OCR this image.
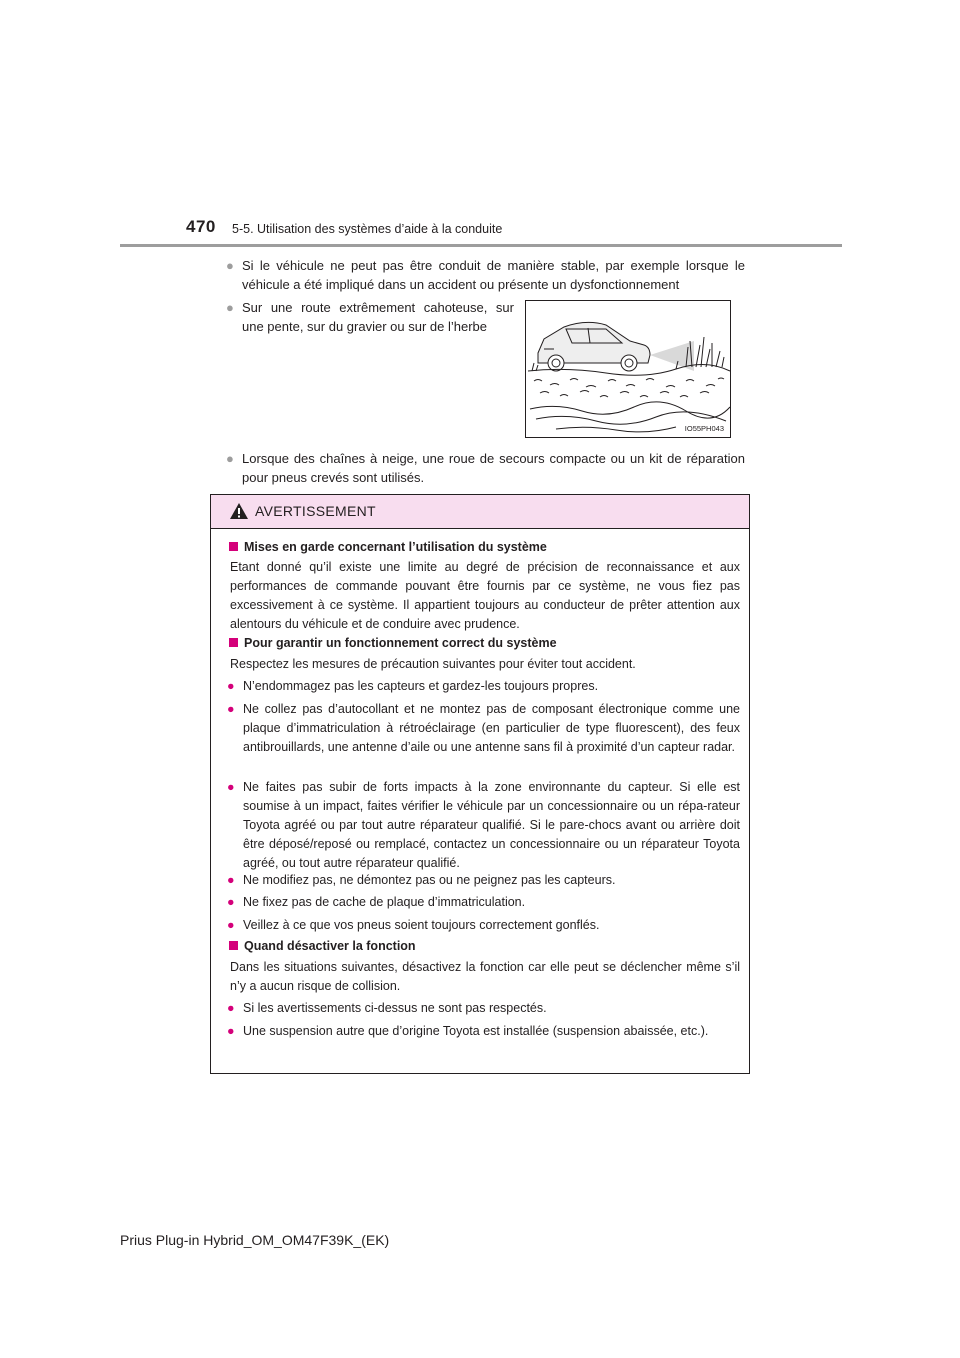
470 5-5. Utilisation des systèmes d’aide à la conduite
● Si le véhicule ne peut pas être conduit de manière stable, par exemple lorsque le véhicule a été impliqué dans un accident ou présente un dysfonctionnement
● Sur une route extrêmement cahoteuse, sur une pente, sur du gravier ou sur de l’herbe
IO55PH043
● Lorsque des chaînes à neige, une roue de secours compacte ou un kit de réparation pour pneus crevés sont utilisés.
AVERTISSEMENT
Mises en garde concernant l’utilisation du système
Etant donné qu’il existe une limite au degré de précision de reconnaissance et aux performances de commande pouvant être fournis par ce système, ne vous fiez pas excessivement à ce système. Il appartient toujours au conducteur de prêter attention aux alentours du véhicule et de conduire avec prudence.
Pour garantir un fonctionnement correct du système
Respectez les mesures de précaution suivantes pour éviter tout accident.
● N’endommagez pas les capteurs et gardez-les toujours propres.
● Ne collez pas d’autocollant et ne montez pas de composant électronique comme une plaque d’immatriculation à rétroéclairage (en particulier de type fluorescent), des feux antibrouillards, une antenne d’aile ou une antenne sans fil à proximité d’un capteur radar.
● Ne faites pas subir de forts impacts à la zone environnante du capteur. Si elle est soumise à un impact, faites vérifier le véhicule par un concessionnaire ou un répa-rateur Toyota agréé ou par tout autre réparateur qualifié. Si le pare-chocs avant ou arrière doit être déposé/reposé ou remplacé, contactez un concessionnaire ou un réparateur Toyota agréé, ou tout autre réparateur qualifié.
● Ne modifiez pas, ne démontez pas ou ne peignez pas les capteurs.
● Ne fixez pas de cache de plaque d’immatriculation.
● Veillez à ce que vos pneus soient toujours correctement gonflés.
Quand désactiver la fonction
Dans les situations suivantes, désactivez la fonction car elle peut se déclencher même s’il n’y a aucun risque de collision.
● Si les avertissements ci-dessus ne sont pas respectés.
● Une suspension autre que d’origine Toyota est installée (suspension abaissée, etc.).
Prius Plug-in Hybrid_OM_OM47F39K_(EK)
